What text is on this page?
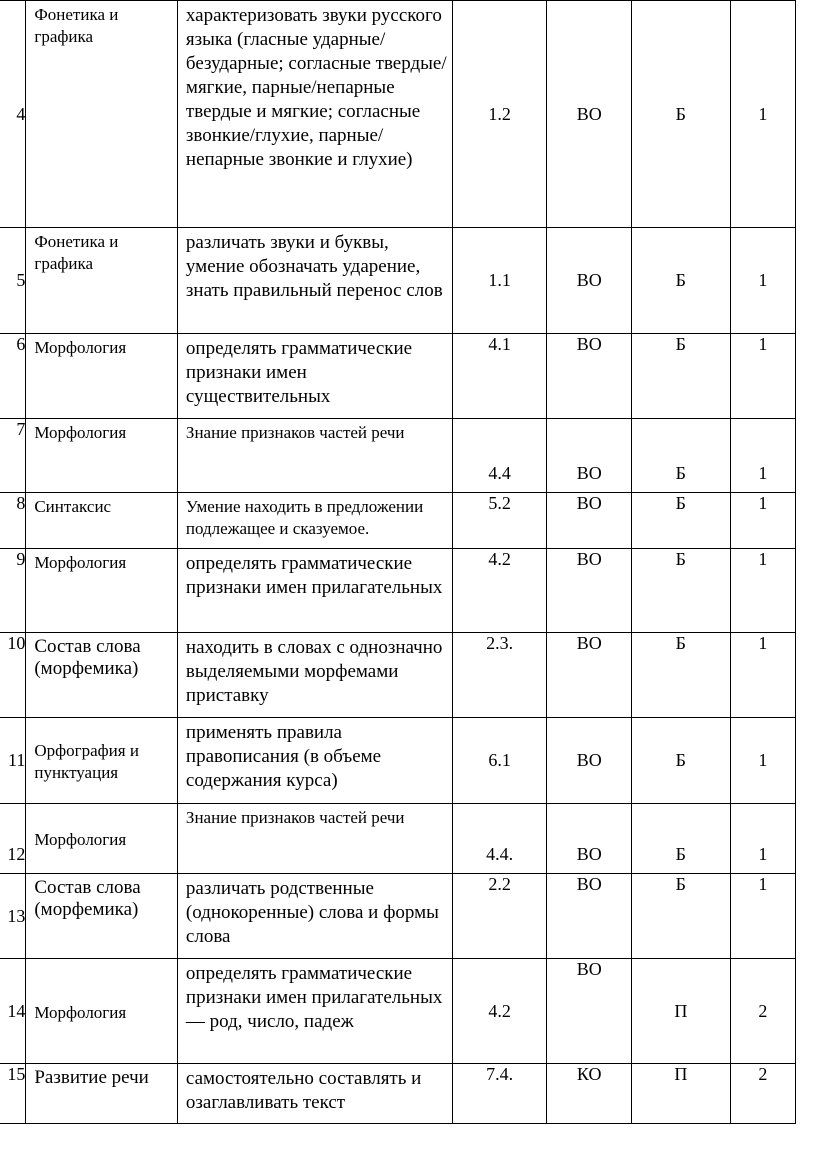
4	Фонетика и графика	характеризовать звуки русского языка (гласные ударные/безударные; согласные твердые/мягкие, парные/непарные твердые и мягкие; согласные звонкие/глухие, парные/непарные звонкие и глухие)	1.2	ВО	Б	1
5	Фонетика и графика	различать звуки и буквы, умение обозначать ударение, знать правильный перенос слов	1.1	ВО	Б	1
6	Морфология	определять грамматические признаки имен существительных	4.1	ВО	Б	1
7	Морфология	Знание признаков частей речи	4.4	ВО	Б	1
8	Синтаксис	Умение находить в предложении подлежащее и сказуемое.	5.2	ВО	Б	1
9	Морфология	определять грамматические признаки имен прилагательных	4.2	ВО	Б	1
10	Состав слова (морфемика)	находить в словах с однозначно выделяемыми морфемами приставку	2.3.	ВО	Б	1
11	Орфография и пунктуация	применять правила правописания (в объеме содержания курса)	6.1	ВО	Б	1
12	Морфология	Знание признаков частей речи	4.4.	ВО	Б	1
13	Состав слова (морфемика)	различать родственные (однокоренные) слова и формы слова	2.2	ВО	Б	1
14	Морфология	определять грамматические признаки имен прилагательных — род, число, падеж	4.2	ВО	П	2
15	Развитие речи	самостоятельно составлять и озаглавливать текст	7.4.	КО	П	2
